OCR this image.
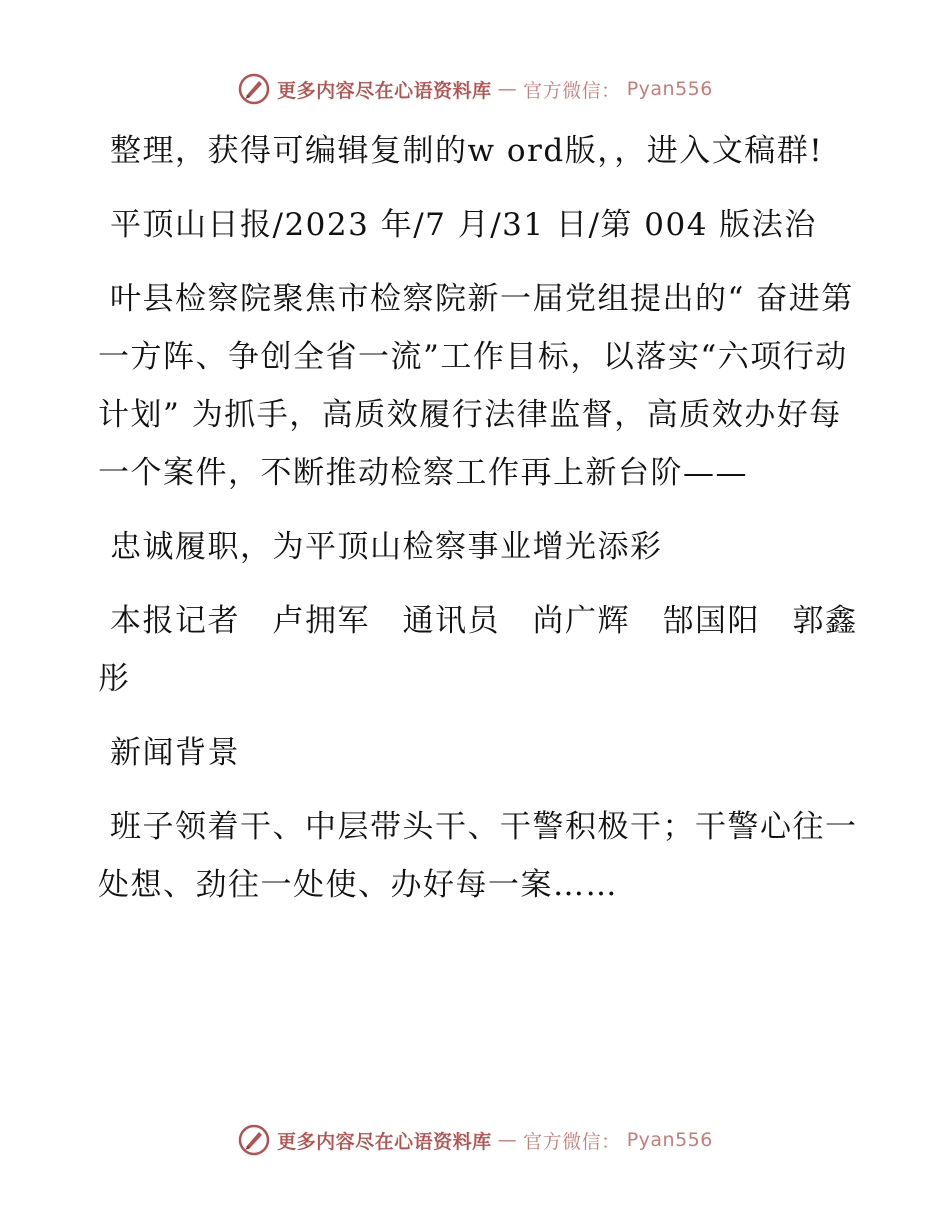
更多内容尽在心语资料库 — 官方微信： Pyan556

整理，获得可编辑复制的w ord版，，进入文稿群!

平顶山日报/2023 年/7 月/31 日/第 004 版法治

叶县检察院聚焦市检察院新一届党组提出的“ 奋进第一方阵、争创全省一流”工作目标，以落实“六项行动计划” 为抓手，高质效履行法律监督，高质效办好每一个案件，不断推动检察工作再上新台阶——

忠诚履职，为平顶山检察事业增光添彩

本报记者　卢拥军　通讯员　尚广辉　郜国阳　郭鑫彤

新闻背景

班子领着干、中层带头干、干警积极干；干警心往一处想、劲往一处使、办好每一案……

更多内容尽在心语资料库 — 官方微信： Pyan556
